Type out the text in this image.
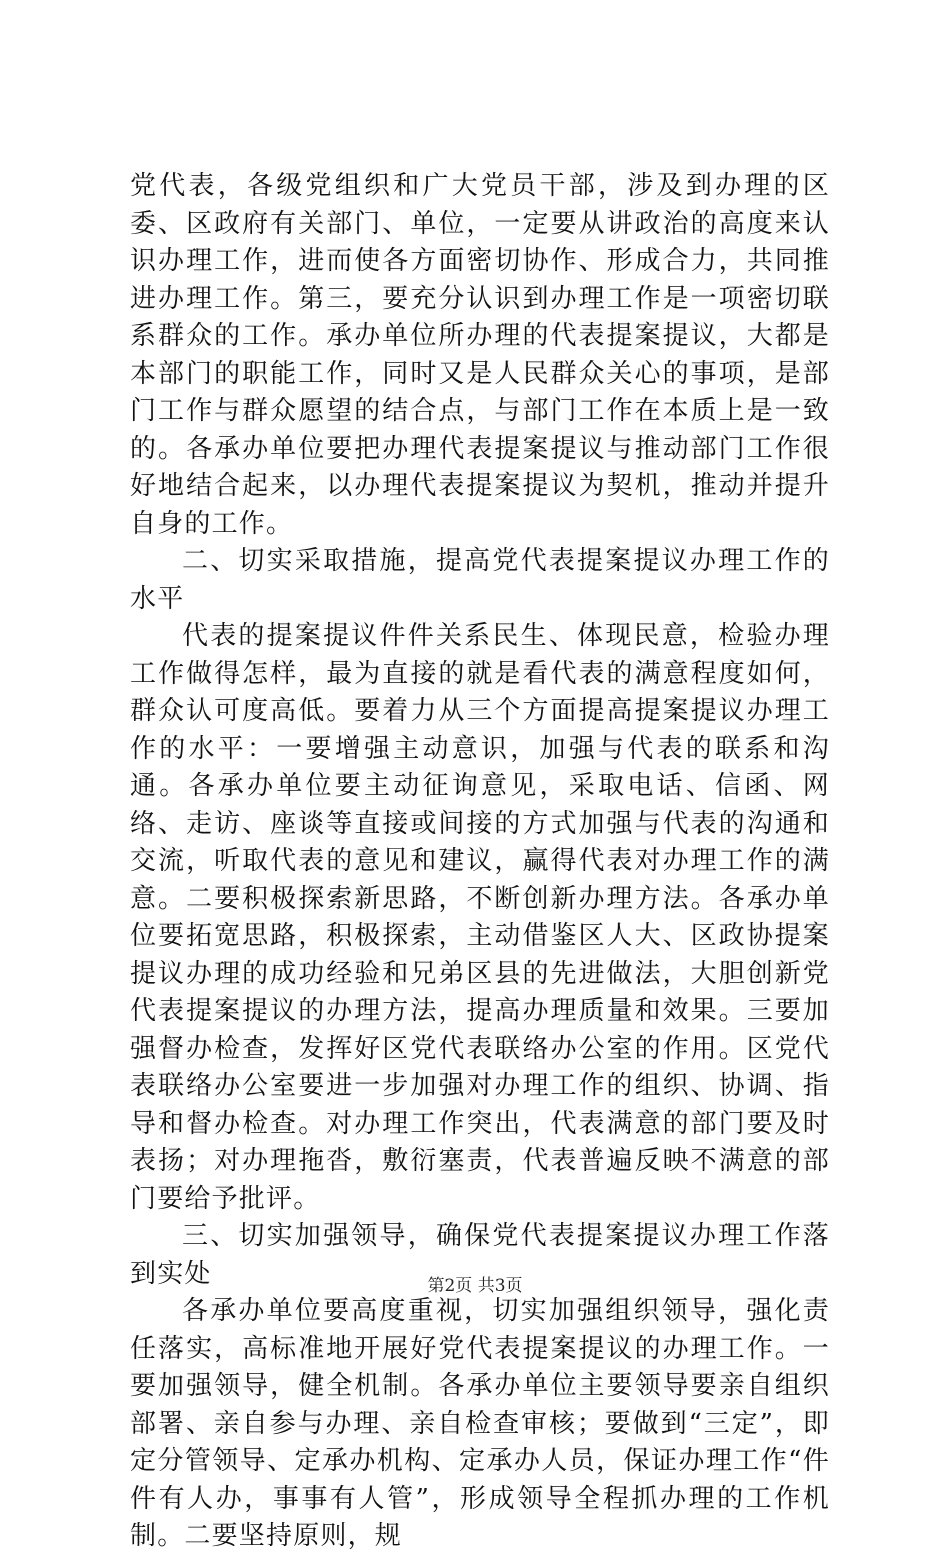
党代表，各级党组织和广大党员干部，涉及到办理的区委、区政府有关部门、单位，一定要从讲政治的高度来认识办理工作，进而使各方面密切协作、形成合力，共同推进办理工作。第三，要充分认识到办理工作是一项密切联系群众的工作。承办单位所办理的代表提案提议，大都是本部门的职能工作，同时又是人民群众关心的事项，是部门工作与群众愿望的结合点，与部门工作在本质上是一致的。各承办单位要把办理代表提案提议与推动部门工作很好地结合起来，以办理代表提案提议为契机，推动并提升自身的工作。

二、切实采取措施，提高党代表提案提议办理工作的水平

代表的提案提议件件关系民生、体现民意，检验办理工作做得怎样，最为直接的就是看代表的满意程度如何，群众认可度高低。要着力从三个方面提高提案提议办理工作的水平：一要增强主动意识，加强与代表的联系和沟通。各承办单位要主动征询意见，采取电话、信函、网络、走访、座谈等直接或间接的方式加强与代表的沟通和交流，听取代表的意见和建议，赢得代表对办理工作的满意。二要积极探索新思路，不断创新办理方法。各承办单位要拓宽思路，积极探索，主动借鉴区人大、区政协提案提议办理的成功经验和兄弟区县的先进做法，大胆创新党代表提案提议的办理方法，提高办理质量和效果。三要加强督办检查，发挥好区党代表联络办公室的作用。区党代表联络办公室要进一步加强对办理工作的组织、协调、指导和督办检查。对办理工作突出，代表满意的部门要及时表扬；对办理拖沓，敷衍塞责，代表普遍反映不满意的部门要给予批评。

三、切实加强领导，确保党代表提案提议办理工作落到实处

各承办单位要高度重视，切实加强组织领导，强化责任落实，高标准地开展好党代表提案提议的办理工作。一要加强领导，健全机制。各承办单位主要领导要亲自组织部署、亲自参与办理、亲自检查审核；要做到“三定”，即定分管领导、定承办机构、定承办人员，保证办理工作“件件有人办，事事有人管”，形成领导全程抓办理的工作机制。二要坚持原则，规

第2页 共3页
